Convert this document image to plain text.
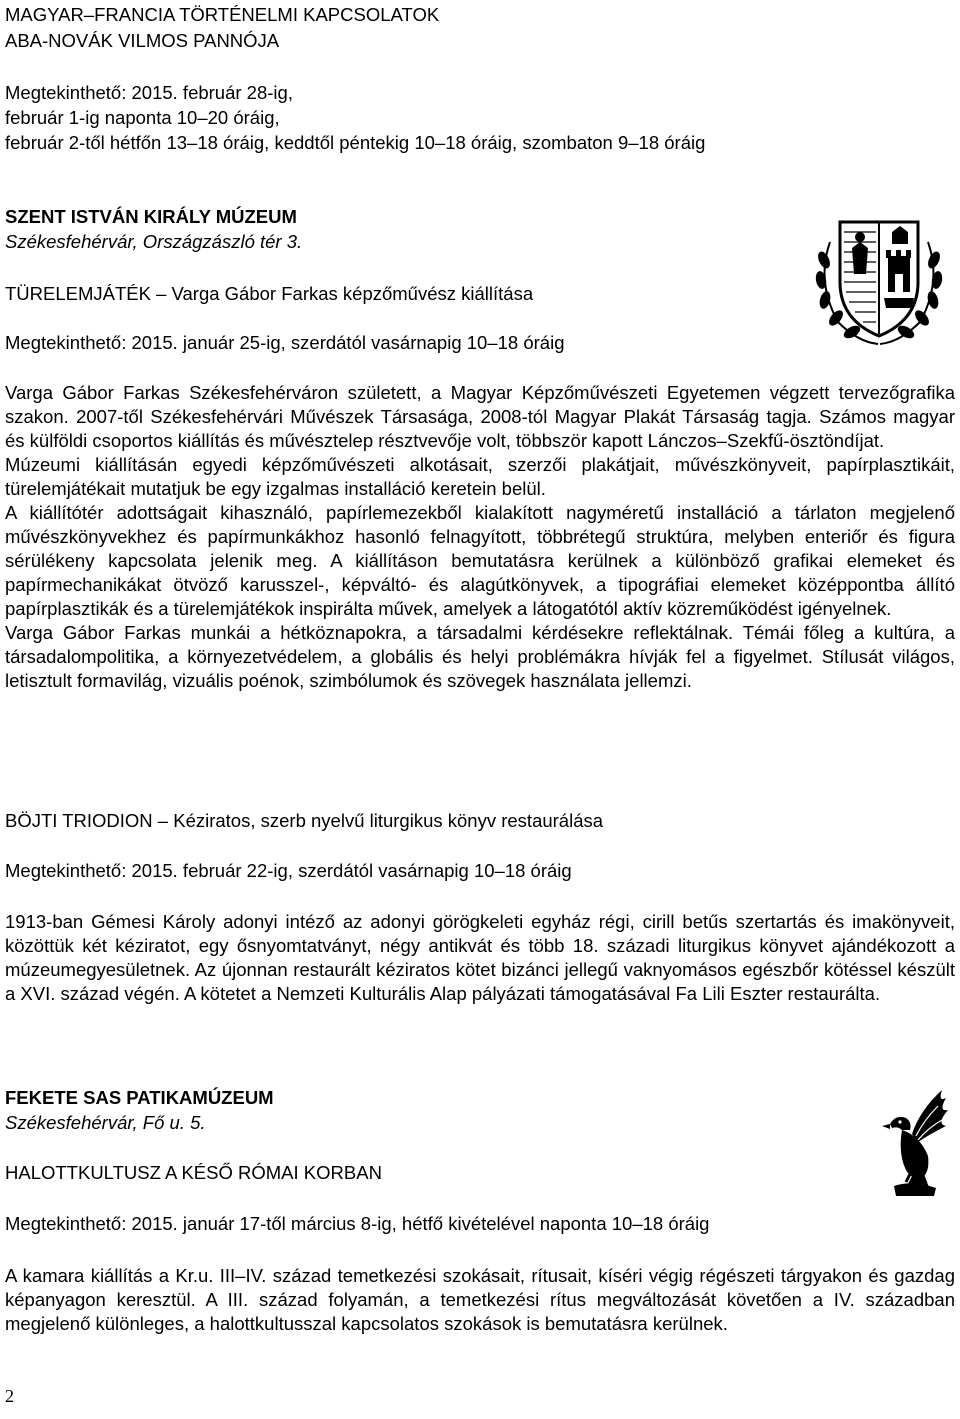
MAGYAR–FRANCIA TÖRTÉNELMI KAPCSOLATOK
ABA-NOVÁK VILMOS PANNÓJA
Megtekinthető: 2015. február 28-ig,
február 1-ig naponta 10–20 óráig,
február 2-től hétfőn 13–18 óráig, keddtől péntekig 10–18 óráig, szombaton 9–18 óráig
SZENT ISTVÁN KIRÁLY MÚZEUM
Székesfehérvár, Országzászló tér 3.
TÜRELEMJÁTÉK – Varga Gábor Farkas képzőművész kiállítása
Megtekinthető: 2015. január 25-ig, szerdától vasárnapig 10–18 óráig

Varga Gábor Farkas Székesfehérváron született, a Magyar Képzőművészeti Egyetemen végzett tervezőgrafika szakon. 2007-től Székesfehérvári Művészek Társasága, 2008-tól Magyar Plakát Társaság tagja. Számos magyar és külföldi csoportos kiállítás és művésztelep résztvevője volt, többször kapott Lánczos–Szekfű-ösztöndíjat.

Múzeumi kiállításán egyedi képzőművészeti alkotásait, szerzői plakátjait, művészkönyveit, papírplasztikáit, türelemjátékait mutatjuk be egy izgalmas installáció keretein belül.

A kiállítótér adottságait kihasználó, papírlemezekből kialakított nagyméretű installáció a tárlaton megjelenő művészkönyvekhez és papírmunkákhoz hasonló felnagyított, többrétegű struktúra, melyben enteriőr és figura sérülékeny kapcsolata jelenik meg. A kiállításon bemutatásra kerülnek a különböző grafikai elemeket és papírmechanikákat ötvöző karusszel-, képváltó- és alagútkönyvek, a tipográfiai elemeket középpontba állító papírplasztikák és a türelemjátékok inspirálta művek, amelyek a látogatótól aktív közreműködést igényelnek.

Varga Gábor Farkas munkái a hétköznapokra, a társadalmi kérdésekre reflektálnak. Témái főleg a kultúra, a társadalompolitika, a környezetvédelem, a globális és helyi problémákra hívják fel a figyelmet. Stílusát világos, letisztult formavilág, vizuális poénok, szimbólumok és szövegek használata jellemzi.

BÖJTI TRIODION – Kéziratos, szerb nyelvű liturgikus könyv restaurálása
Megtekinthető: 2015. február 22-ig, szerdától vasárnapig 10–18 óráig
1913-ban Gémesi Károly adonyi intéző az adonyi görögkeleti egyház régi, cirill betűs szertartás és imakönyveit, közöttük két kéziratot, egy ősnyomtatványt, négy antikvát és több 18. századi liturgikus könyvet ajándékozott a múzeumegyesületnek. Az újonnan restaurált kéziratos kötet bizánci jellegű vaknyomásos egészbőr kötéssel készült a XVI. század végén. A kötetet a Nemzeti Kulturális Alap pályázati támogatásával Fa Lili Eszter restaurálta.
FEKETE SAS PATIKAMÚZEUM
Székesfehérvár, Fő u. 5.
HALOTTKULTUSZ A KÉSŐ RÓMAI KORBAN
Megtekinthető: 2015. január 17-től március 8-ig, hétfő kivételével naponta 10–18 óráig
A kamara kiállítás a Kr.u. III–IV. század temetkezési szokásait, rítusait, kíséri végig régészeti tárgyakon és gazdag képanyagon keresztül. A III. század folyamán, a temetkezési rítus megváltozását követően a IV. században megjelenő különleges, a halottkultusszal kapcsolatos szokások is bemutatásra kerülnek.
2
